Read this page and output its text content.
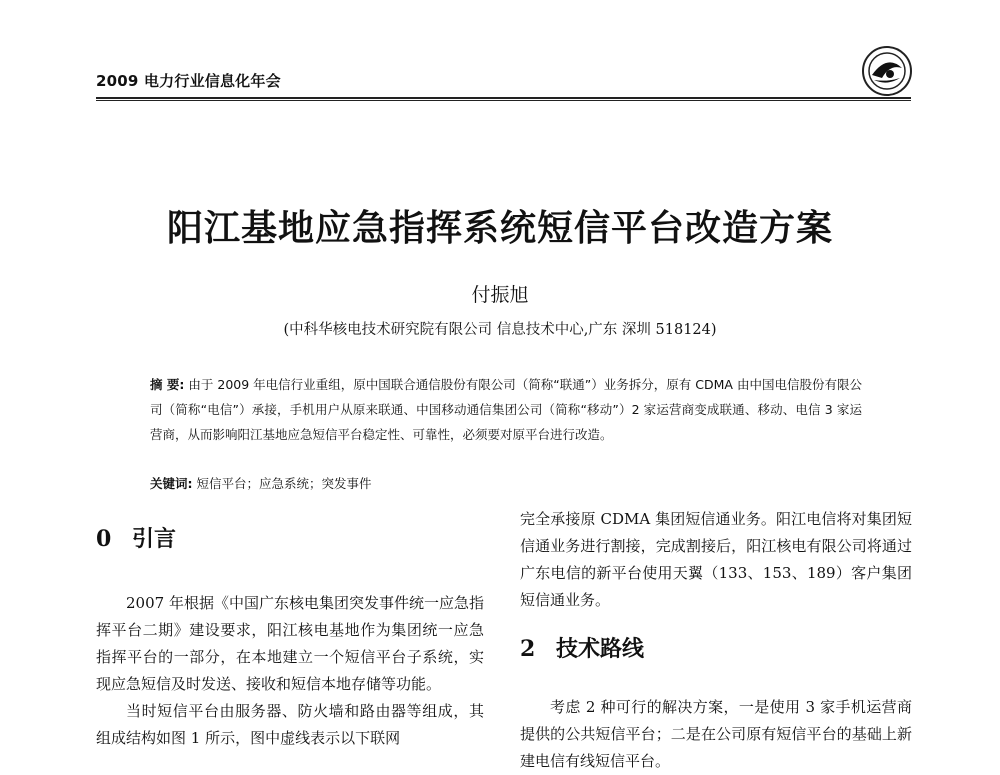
2009 电力行业信息化年会
阳江基地应急指挥系统短信平台改造方案
付振旭
(中科华核电技术研究院有限公司 信息技术中心,广东 深圳 518124)
摘 要: 由于 2009 年电信行业重组，原中国联合通信股份有限公司（简称“联通”）业务拆分，原有 CDMA 由中国电信股份有限公司（简称“电信”）承接，手机用户从原来联通、中国移动通信集团公司（简称“移动”）2 家运营商变成联通、移动、电信 3 家运营商，从而影响阳江基地应急短信平台稳定性、可靠性，必须要对原平台进行改造。
关键词: 短信平台；应急系统；突发事件
0 引言

2007 年根据《中国广东核电集团突发事件统一应急指挥平台二期》建设要求，阳江核电基地作为集团统一应急指挥平台的一部分，在本地建立一个短信平台子系统，实现应急短信及时发送、接收和短信本地存储等功能。

当时短信平台由服务器、防火墙和路由器等组成，其组成结构如图 1 所示，图中虚线表示以下联网

完全承接原 CDMA 集团短信通业务。阳江电信将对集团短信通业务进行割接，完成割接后，阳江核电有限公司将通过广东电信的新平台使用天翼（133、153、189）客户集团短信通业务。

2 技术路线

考虑 2 种可行的解决方案，一是使用 3 家手机运营商提供的公共短信平台；二是在公司原有短信平台的基础上新建电信有线短信平台。
